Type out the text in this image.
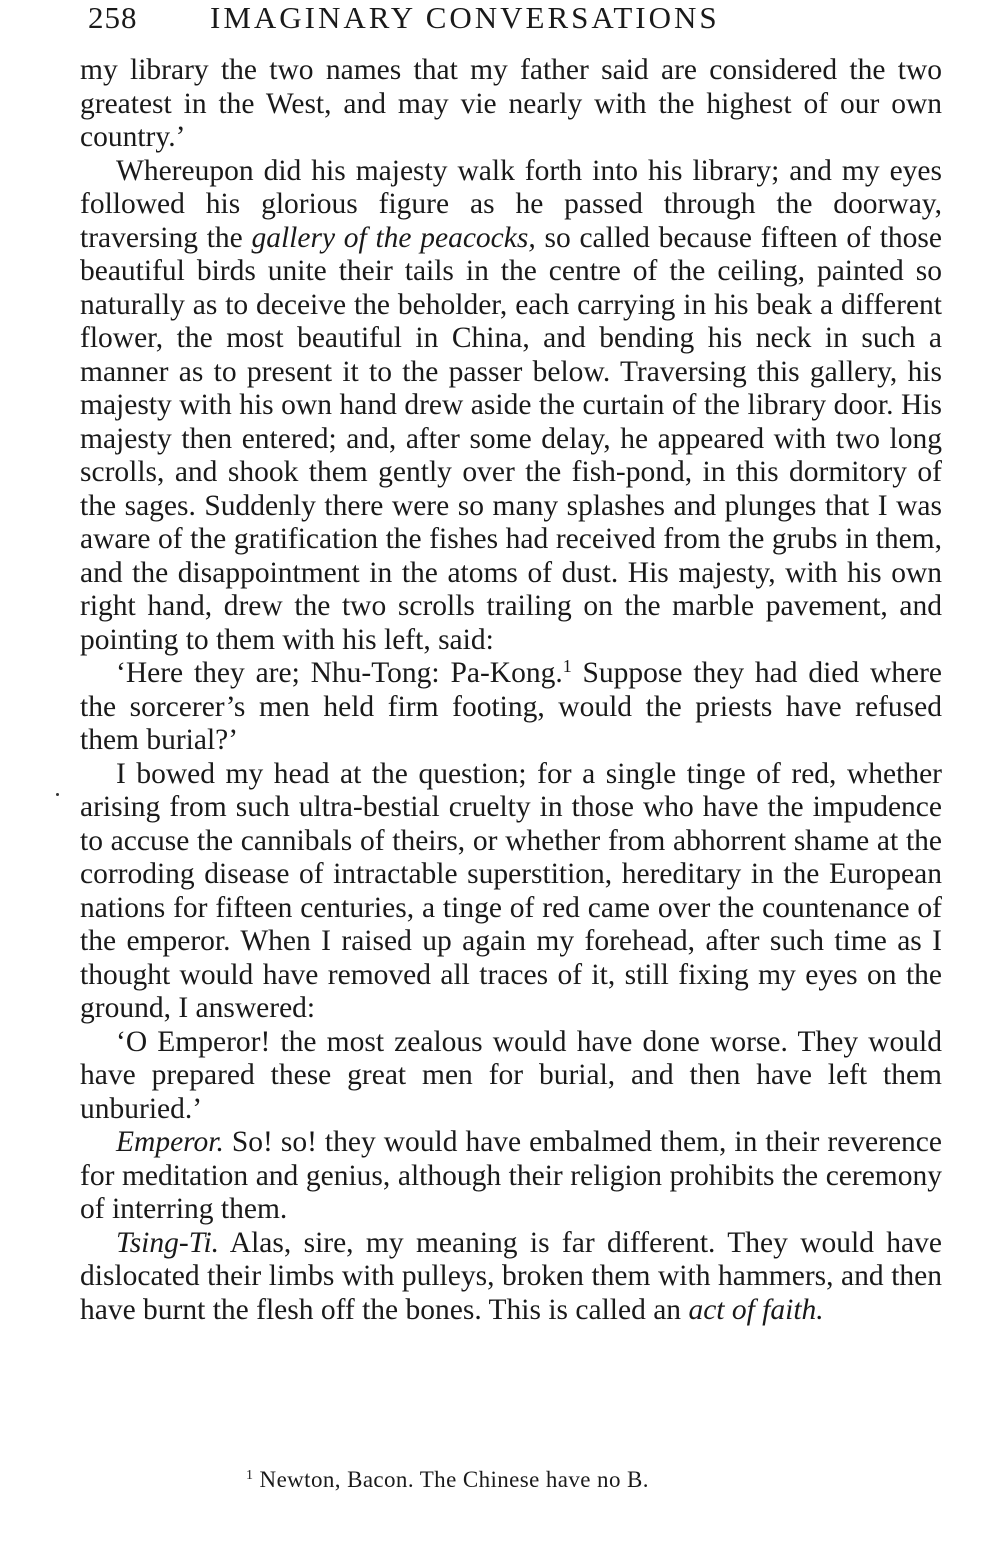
258 IMAGINARY CONVERSATIONS

my library the two names that my father said are considered the two greatest in the West, and may vie nearly with the highest of our own country.’

Whereupon did his majesty walk forth into his library; and my eyes followed his glorious figure as he passed through the doorway, traversing the gallery of the peacocks, so called because fifteen of those beautiful birds unite their tails in the centre of the ceiling, painted so naturally as to deceive the beholder, each carrying in his beak a different flower, the most beautiful in China, and bending his neck in such a manner as to present it to the passer below. Traversing this gallery, his majesty with his own hand drew aside the curtain of the library door. His majesty then entered; and, after some delay, he appeared with two long scrolls, and shook them gently over the fish-pond, in this dormitory of the sages. Suddenly there were so many splashes and plunges that I was aware of the gratification the fishes had received from the grubs in them, and the disappointment in the atoms of dust. His majesty, with his own right hand, drew the two scrolls trailing on the marble pavement, and pointing to them with his left, said:

‘Here they are; Nhu-Tong: Pa-Kong.$^1$ Suppose they had died where the sorcerer’s men held firm footing, would the priests have refused them burial?’

I bowed my head at the question; for a single tinge of red, whether arising from such ultra-bestial cruelty in those who have the impudence to accuse the cannibals of theirs, or whether from abhorrent shame at the corroding disease of intractable superstition, hereditary in the European nations for fifteen centuries, a tinge of red came over the countenance of the emperor. When I raised up again my forehead, after such time as I thought would have removed all traces of it, still fixing my eyes on the ground, I answered:

‘O Emperor! the most zealous would have done worse. They would have prepared these great men for burial, and then have left them unburied.’

Emperor. So! so! they would have embalmed them, in their reverence for meditation and genius, although their religion prohibits the ceremony of interring them.

Tsing-Ti. Alas, sire, my meaning is far different. They would have dislocated their limbs with pulleys, broken them with hammers, and then have burnt the flesh off the bones. This is called an act of faith.

$^1$ Newton, Bacon. The Chinese have no B.
